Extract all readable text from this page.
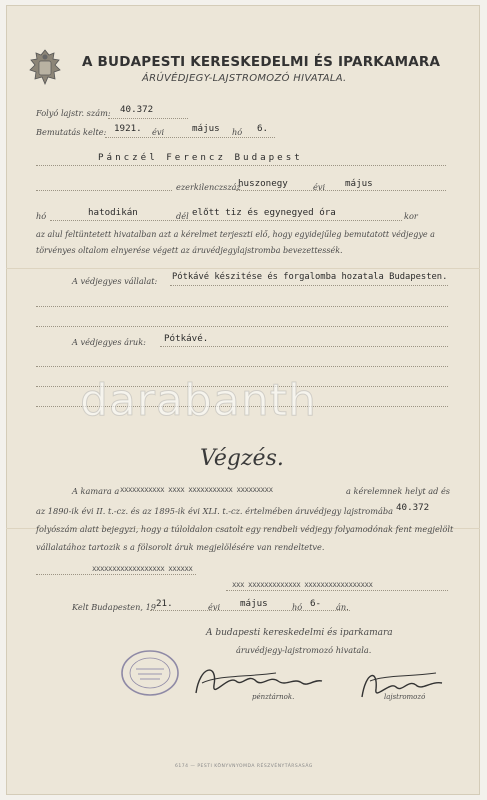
A BUDAPESTI KERESKEDELMI ÉS IPARKAMARA
ÁRÚVÉDJEGY-LAJSTROMOZÓ HIVATALA.
Folyó lajstr. szám: 40.372
Bemutatás kelte: 1921. évi	május hó 6.
Pánczél Ferencz Budapest
ezerkilenczszáz
huszonegy	évi május
hó	hatodikán	dél előtt tiz és egynegyed óra	kor
az alul feltüntetett hivatalban azt a kérelmet terjeszti elő, hogy egyidejűleg bemutatott védjegye a
törvényes oltalom elnyerése végett az áruvédjegylajstromba bevezettessék.
A védjegyes vállalat: Pótkávé készitése és forgalomba hozatala Budapesten.
A védjegyes áruk: Pótkávé.
darabanth
Végzés.
A kamara a xxxxxxxxxxx xxxx xxxxxxxxxxx xxxxxxxxx	a kérelemnek helyt ad és
az 1890-ik évi II. t.-cz. és az 1895-ik évi XLI. t.-cz. értelmében áruvédjegy lajstromába 40.372
folyószám alatt bejegyzi, hogy a túloldalon csatolt egy rendbeli védjegy folyamodónak fent megjelölt
vállalatához tartozik s a fölsorolt áruk megjelölésére van rendeltetve.
xxxxxxxxxxxxxxxxxx xxxxxx
xxx xxxxxxxxxxxxx xxxxxxxxxxxxxxxxx
Kelt Budapesten, 19 21.	évi május	hó 6- án.
A budapesti kereskedelmi és iparkamara
áruvédjegy-lajstromozó hivatala.
pénztárnok.	lajstromozó
6174 — PESTI KÖNYVNYOMDA RÉSZVÉNYTÁRSASÁG
